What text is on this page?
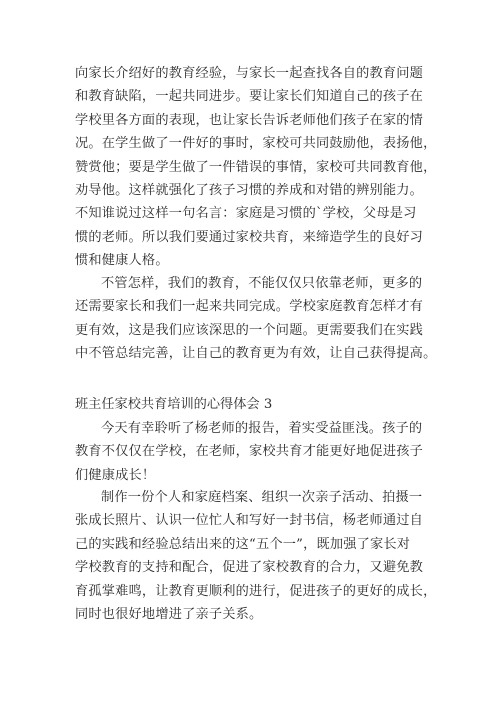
向家长介绍好的教育经验，与家长一起查找各自的教育问题
和教育缺陷，一起共同进步。要让家长们知道自己的孩子在
学校里各方面的表现，也让家长告诉老师他们孩子在家的情
况。在学生做了一件好的事时，家校可共同鼓励他，表扬他，
赞赏他；要是学生做了一件错误的事情，家校可共同教育他，
劝导他。这样就强化了孩子习惯的养成和对错的辨别能力。
不知谁说过这样一句名言：家庭是习惯的`学校，父母是习
惯的老师。所以我们要通过家校共育，来缔造学生的良好习
惯和健康人格。
不管怎样，我们的教育，不能仅仅只依靠老师，更多的
还需要家长和我们一起来共同完成。学校家庭教育怎样才有
更有效，这是我们应该深思的一个问题。更需要我们在实践
中不管总结完善，让自己的教育更为有效，让自己获得提高。
班主任家校共育培训的心得体会 3
今天有幸聆听了杨老师的报告，着实受益匪浅。孩子的
教育不仅仅在学校，在老师，家校共育才能更好地促进孩子
们健康成长！
制作一份个人和家庭档案、组织一次亲子活动、拍摄一
张成长照片、认识一位忙人和写好一封书信，杨老师通过自
己的实践和经验总结出来的这“五个一”，既加强了家长对
学校教育的支持和配合，促进了家校教育的合力，又避免教
育孤掌难鸣，让教育更顺利的进行，促进孩子的更好的成长，
同时也很好地增进了亲子关系。
